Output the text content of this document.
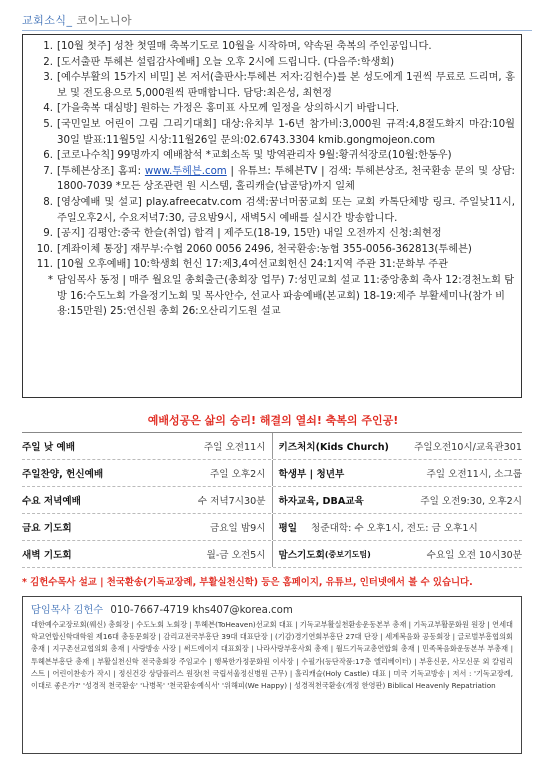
교회소식_ 코이노니아
1. [10월 첫주] 성찬 첫열매 축복기도로 10월을 시작하며, 약속된 축복의 주인공입니다.
2. [도서출판 투헤븐 설립감사예배] 오늘 오후 2시에 드립니다. (다음주:학생회)
3. [예수부활의 15가지 비밀] 본 저서(출판사:투헤븐 저자:김헌수)를 본 성도에게 1권씩 무료로 드리며, 홍보 및 전도용으로 5,000원씩 판매합니다. 담당:최은성, 최현정
4. [가을축복 대심방] 원하는 가정은 홍미표 사모께 일정을 상의하시기 바랍니다.
5. [국민일보 어린이 그림 그리기대회] 대상:유치부 1-6년 참가비:3,000원 규격:4,8절도화지 마감:10월30일 발표:11월5일 시상:11월26일 문의:02.6743.3304 kmib.gongmojeon.com
6. [코로나수칙] 99명까지 예배참석 *교회소독 및 방역관리자 9월:황귀석장로(10월:한동우)
7. [투헤븐상조] 홈피: www.투헤븐.com | 유튜브: 투헤븐TV | 검색: 투헤븐상조, 천국환송 문의 및 상담: 1800-7039 *모든 상조관련 원 시스템, 홀리캐슬(납골당)까지 일체
8. [영상예배 및 설교] play.afreecatv.com 검색:꿈너머꿈교회 또는 교회 카톡단체방 링크. 주일낮11시, 주일오후2시, 수요저녁7:30, 금요밤9시, 새벽5시 예배를 실시간 방송합니다.
9. [공지] 김평안:중국 한슬(취업) 합격 | 제주도(18-19, 15만) 내일 오전까지 신청:최현정
10. [계좌이체 통장] 재무부:수협 2060 0056 2496, 천국환송:농협 355-0056-362813(투헤븐)
11. [10월 오후예배] 10:학생회 헌신 17:제3,4여선교회헌신 24:1지역 주관 31:문화부 주관
* 담임목사 동정 | 매주 월요일 총회출근(총회장 업무) 7:성민교회 설교 11:중앙총회 축사 12:경천노회 탐방 16:수도노회 가을정기노회 및 목사안수, 선교사 파송예배(본교회) 18-19:제주 부활세미나(참가 비용:15만원) 25:연신원 총회 26:오산리기도원 설교
예배성공은 삶의 승리! 해결의 열쇠! 축복의 주인공!
주일 낮 예배	주일 오전11시 키즈처치(Kids Church)	주일오전10시/교육관301
주일찬양, 헌신예배	주일 오후2시 학생부 | 청년부	주일 오전11시, 소그룹
수요 저녁예배	수 저녁7시30분 하자교육, DBA교육	주일 오전9:30, 오후2시
금요 기도회	금요일 밤9시 평일 청준대학: 수 오후1시, 전도: 금 오후1시
새벽 기도회	월-금 오전5시 맘스기도회 (중보기도팀)	수요일 오전 10시30분
* 김헌수목사 설교 | 천국환송(기독교장례, 부활실천신학) 등은 홈페이지, 유튜브, 인터넷에서 볼 수 있습니다.
담임목사 김헌수 010-7667-4719 khs407@korea.com
대한예수교장로회(웨신) 총회장 | 수도노회 노회장 | 투헤븐(ToHeaven)선교회 대표 | 기독교부활실천환송운동본부 총재 | 기독교부활문화원 원장 | 연세대학교연합신학대학원 제16대 총동문회장 | 감리교전국부흥단 39대 대표단장 | (기감)경기연회부흥단 27대 단장 | 세계복음화 공동회장 | 글로벌부흥협의회 총재 | 지구촌선교협의회 총재 | 사랑방송 사장 | 써드에이지 대표회장 | 나라사랑부흥사회 총재 | 월드기독교총연합회 총재 | 민족복음화운동본부 부총재 | 투헤븐부흥단 총재 | 부활실천신학 전국총회장 주임교수 | 행복한가정문화원 이사장 | 수필가(등단작품:17층 엘리베이터) | 부흥신문, 사모신문 외 칼럼리스트 | 어린이찬송가 작시 | 정신건강 상담플러스 원장(천 국립서울정신병원 근무) | 홀리캐슬(Holy Castle) 대표 | 미국 기독교방송 | 저서 : '기독교장례, 이대로 좋은가?' '성경적 천국환송' '나병목' '천국환송예식서' '위해피(We Happy) | 성경적천국환송(개정 한영판) Biblical Heavenly Repatriation
